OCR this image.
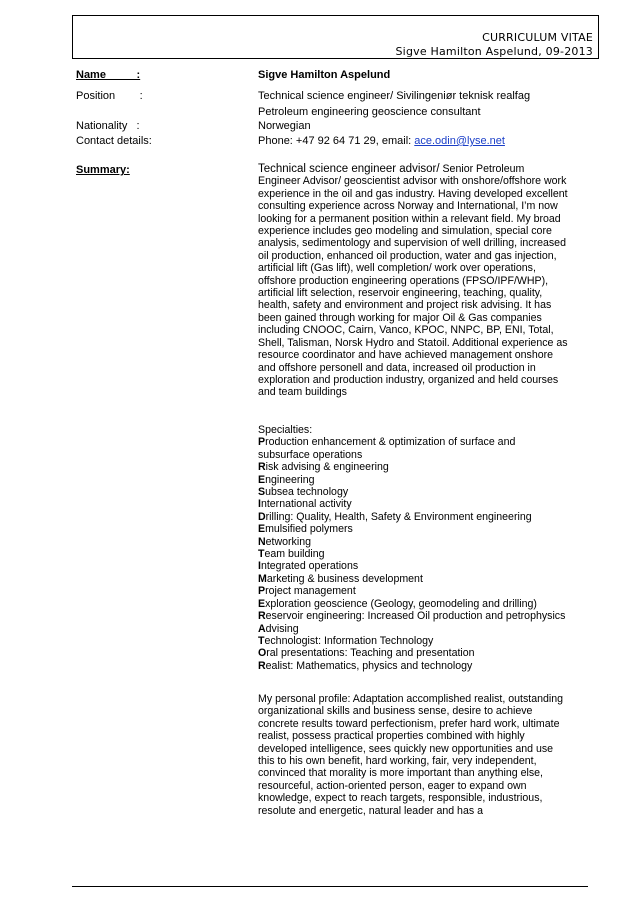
CURRICULUM VITAE
Sigve Hamilton Aspelund, 09-2013
Name          :	Sigve Hamilton Aspelund
Position        :	Technical science engineer/ Sivilingeniør teknisk realfag
Petroleum engineering geoscience consultant
Nationality   :	Norwegian
Contact details:	Phone: +47 92 64 71 29, email: ace.odin@lyse.net
Summary:	Technical science engineer advisor/ Senior Petroleum Engineer Advisor/ geoscientist advisor with onshore/offshore work experience in the oil and gas industry. Having developed excellent consulting experience across Norway and International, I’m now looking for a permanent position within a relevant field. My broad experience includes geo modeling and simulation, special core analysis, sedimentology and supervision of well drilling, increased oil production, enhanced oil production, water and gas injection, artificial lift (Gas lift), well completion/ work over operations, offshore production engineering operations (FPSO/IPF/WHP), artificial lift selection, reservoir engineering, teaching, quality, health, safety and environment and project risk advising. It has been gained through working for major Oil & Gas companies including CNOOC, Cairn, Vanco, KPOC, NNPC, BP, ENI, Total, Shell, Talisman, Norsk Hydro and Statoil. Additional experience as resource coordinator and have achieved management onshore and offshore personell and data, increased oil production in exploration and production industry, organized and held courses and team buildings

Specialties:

Production enhancement & optimization of surface and subsurface operations
Risk advising & engineering
Engineering
Subsea technology
International activity
Drilling: Quality, Health, Safety & Environment engineering
Emulsified polymers
Networking
Team building
Integrated operations
Marketing & business development
Project management
Exploration geoscience (Geology, geomodeling and drilling)
Reservoir engineering: Increased Oil production and petrophysics
Advising
Technologist: Information Technology
Oral presentations: Teaching and presentation
Realist: Mathematics, physics and technology

My personal profile: Adaptation accomplished realist, outstanding organizational skills and business sense, desire to achieve concrete results toward perfectionism, prefer hard work, ultimate realist, possess practical properties combined with highly developed intelligence, sees quickly new opportunities and use this to his own benefit, hard working, fair, very independent, convinced that morality is more important than anything else, resourceful, action-oriented person, eager to expand own knowledge, expect to reach targets, responsible, industrious, resolute and energetic, natural leader and has a
